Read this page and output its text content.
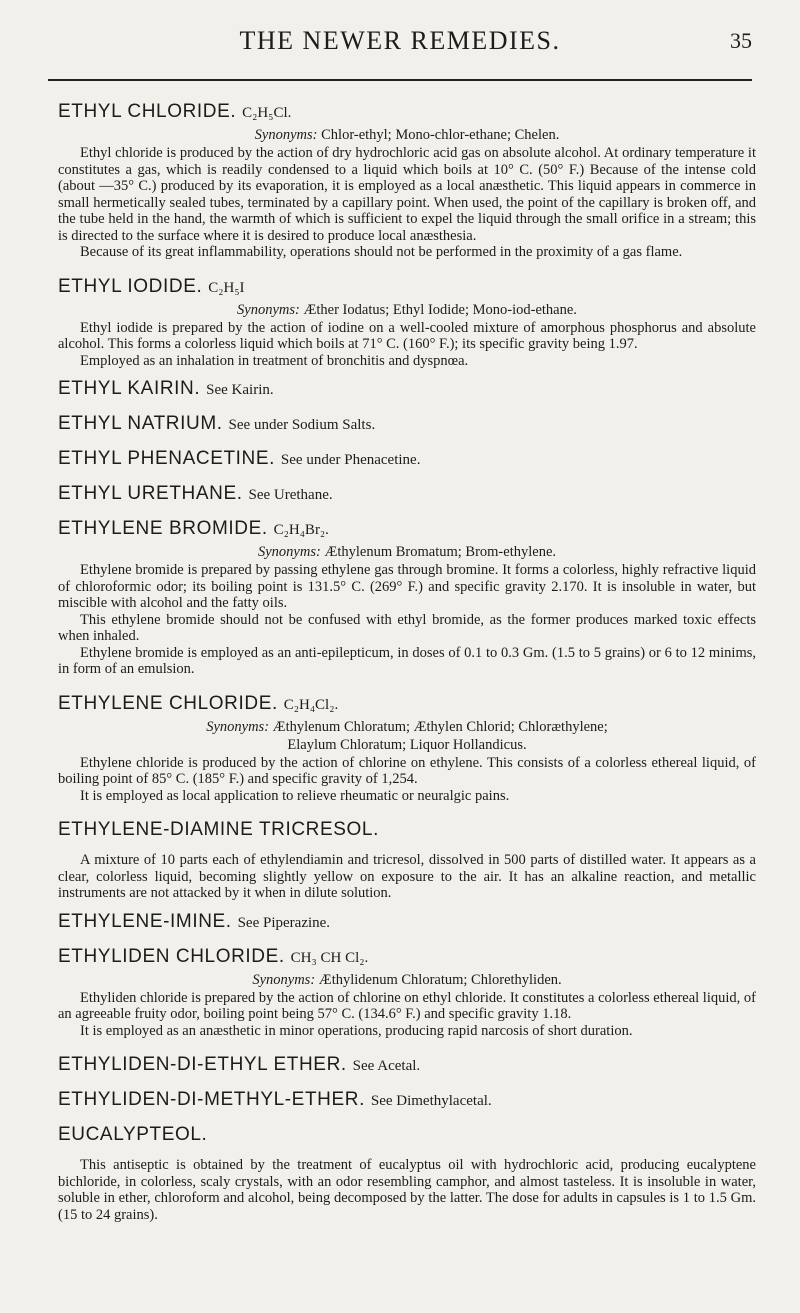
THE NEWER REMEDIES.	35
ETHYL CHLORIDE. C₂H₅Cl.
Synonyms: Chlor-ethyl; Mono-chlor-ethane; Chelen.

Ethyl chloride is produced by the action of dry hydrochloric acid gas on absolute alcohol. At ordinary temperature it constitutes a gas, which is readily condensed to a liquid which boils at 10° C. (50° F.) Because of the intense cold (about —35° C.) produced by its evaporation, it is employed as a local anæsthetic. This liquid appears in commerce in small hermetically sealed tubes, terminated by a capillary point. When used, the point of the capillary is broken off, and the tube held in the hand, the warmth of which is sufficient to expel the liquid through the small orifice in a stream; this is directed to the surface where it is desired to produce local anæsthesia.

Because of its great inflammability, operations should not be performed in the proximity of a gas flame.

ETHYL IODIDE. C₂H₅I
Synonyms: Æther Iodatus; Ethyl Iodide; Mono-iod-ethane.

Ethyl iodide is prepared by the action of iodine on a well-cooled mixture of amorphous phosphorus and absolute alcohol. This forms a colorless liquid which boils at 71° C. (160° F.); its specific gravity being 1.97.

Employed as an inhalation in treatment of bronchitis and dyspnœa.

ETHYL KAIRIN. See Kairin.
ETHYL NATRIUM. See under Sodium Salts.
ETHYL PHENACETINE. See under Phenacetine.
ETHYL URETHANE. See Urethane.
ETHYLENE BROMIDE. C₂H₄Br₂.
Synonyms: Æthylenum Bromatum; Brom-ethylene.

Ethylene bromide is prepared by passing ethylene gas through bromine. It forms a colorless, highly refractive liquid of chloroformic odor; its boiling point is 131.5° C. (269° F.) and specific gravity 2.170. It is insoluble in water, but miscible with alcohol and the fatty oils.

This ethylene bromide should not be confused with ethyl bromide, as the former produces marked toxic effects when inhaled.

Ethylene bromide is employed as an anti-epilepticum, in doses of 0.1 to 0.3 Gm. (1.5 to 5 grains) or 6 to 12 minims, in form of an emulsion.

ETHYLENE CHLORIDE. C₂H₄Cl₂.
Synonyms: Æthylenum Chloratum; Æthylen Chlorid; Chloræthylene;
Elaylum Chloratum; Liquor Hollandicus.

Ethylene chloride is produced by the action of chlorine on ethylene. This consists of a colorless ethereal liquid, of boiling point of 85° C. (185° F.) and specific gravity of 1,254.

It is employed as local application to relieve rheumatic or neuralgic pains.

ETHYLENE-DIAMINE TRICRESOL.

A mixture of 10 parts each of ethylendiamin and tricresol, dissolved in 500 parts of distilled water. It appears as a clear, colorless liquid, becoming slightly yellow on exposure to the air. It has an alkaline reaction, and metallic instruments are not attacked by it when in dilute solution.

ETHYLENE-IMINE. See Piperazine.
ETHYLIDEN CHLORIDE. CH₃ CH Cl₂.
Synonyms: Æthylidenum Chloratum; Chlorethyliden.

Ethyliden chloride is prepared by the action of chlorine on ethyl chloride. It constitutes a colorless ethereal liquid, of an agreeable fruity odor, boiling point being 57° C. (134.6° F.) and specific gravity 1.18.

It is employed as an anæsthetic in minor operations, producing rapid narcosis of short duration.

ETHYLIDEN-DI-ETHYL ETHER. See Acetal.
ETHYLIDEN-DI-METHYL-ETHER. See Dimethylacetal.
EUCALYPTEOL.

This antiseptic is obtained by the treatment of eucalyptus oil with hydrochloric acid, producing eucalyptene bichloride, in colorless, scaly crystals, with an odor resembling camphor, and almost tasteless. It is insoluble in water, soluble in ether, chloroform and alcohol, being decomposed by the latter. The dose for adults in capsules is 1 to 1.5 Gm. (15 to 24 grains).
